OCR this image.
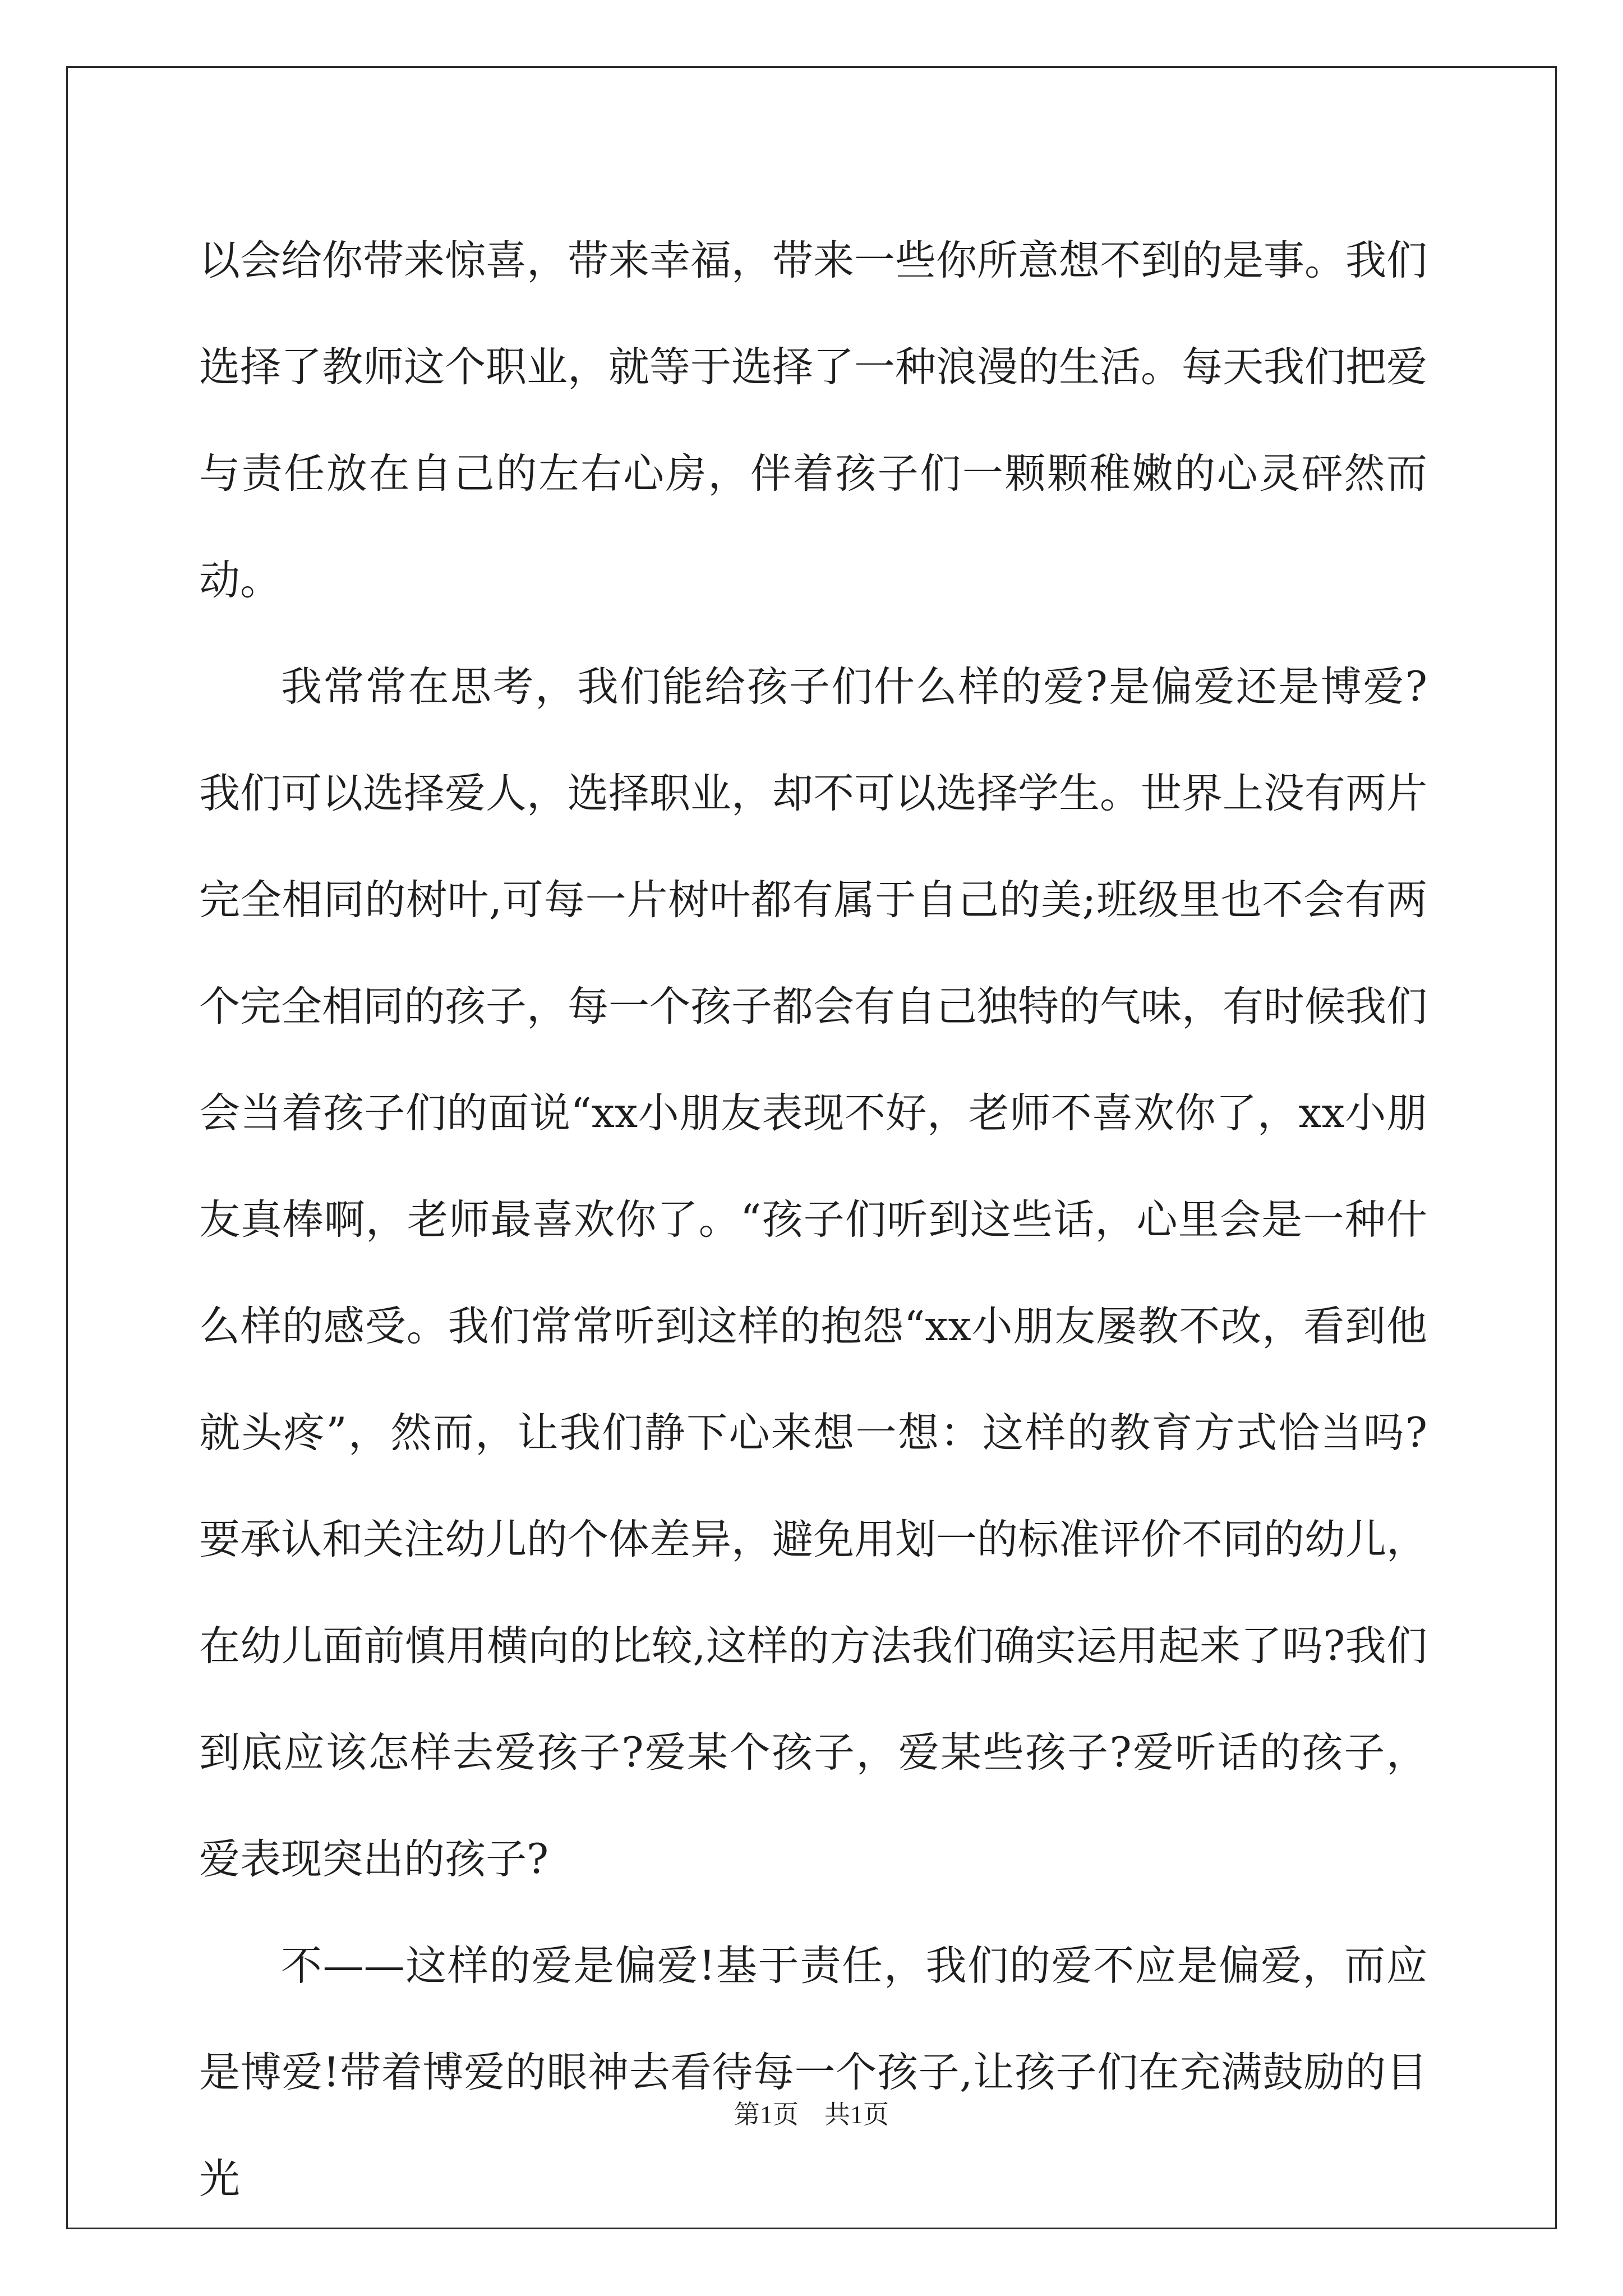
以会给你带来惊喜，带来幸福，带来一些你所意想不到的是事。我们选择了教师这个职业，就等于选择了一种浪漫的生活。每天我们把爱与责任放在自己的左右心房，伴着孩子们一颗颗稚嫩的心灵砰然而动。

我常常在思考，我们能给孩子们什么样的爱?是偏爱还是博爱?我们可以选择爱人，选择职业，却不可以选择学生。世界上没有两片完全相同的树叶,可每一片树叶都有属于自己的美;班级里也不会有两个完全相同的孩子，每一个孩子都会有自己独特的气味，有时候我们会当着孩子们的面说“xx小朋友表现不好，老师不喜欢你了，xx小朋友真棒啊，老师最喜欢你了。“孩子们听到这些话，心里会是一种什么样的感受。我们常常听到这样的抱怨“xx小朋友屡教不改，看到他就头疼”，然而，让我们静下心来想一想：这样的教育方式恰当吗?要承认和关注幼儿的个体差异，避免用划一的标准评价不同的幼儿，在幼儿面前慎用横向的比较,这样的方法我们确实运用起来了吗?我们到底应该怎样去爱孩子?爱某个孩子，爱某些孩子?爱听话的孩子，爱表现突出的孩子?

不——这样的爱是偏爱!基于责任，我们的爱不应是偏爱，而应是博爱!带着博爱的眼神去看待每一个孩子,让孩子们在充满鼓励的目光

第1页　共1页
